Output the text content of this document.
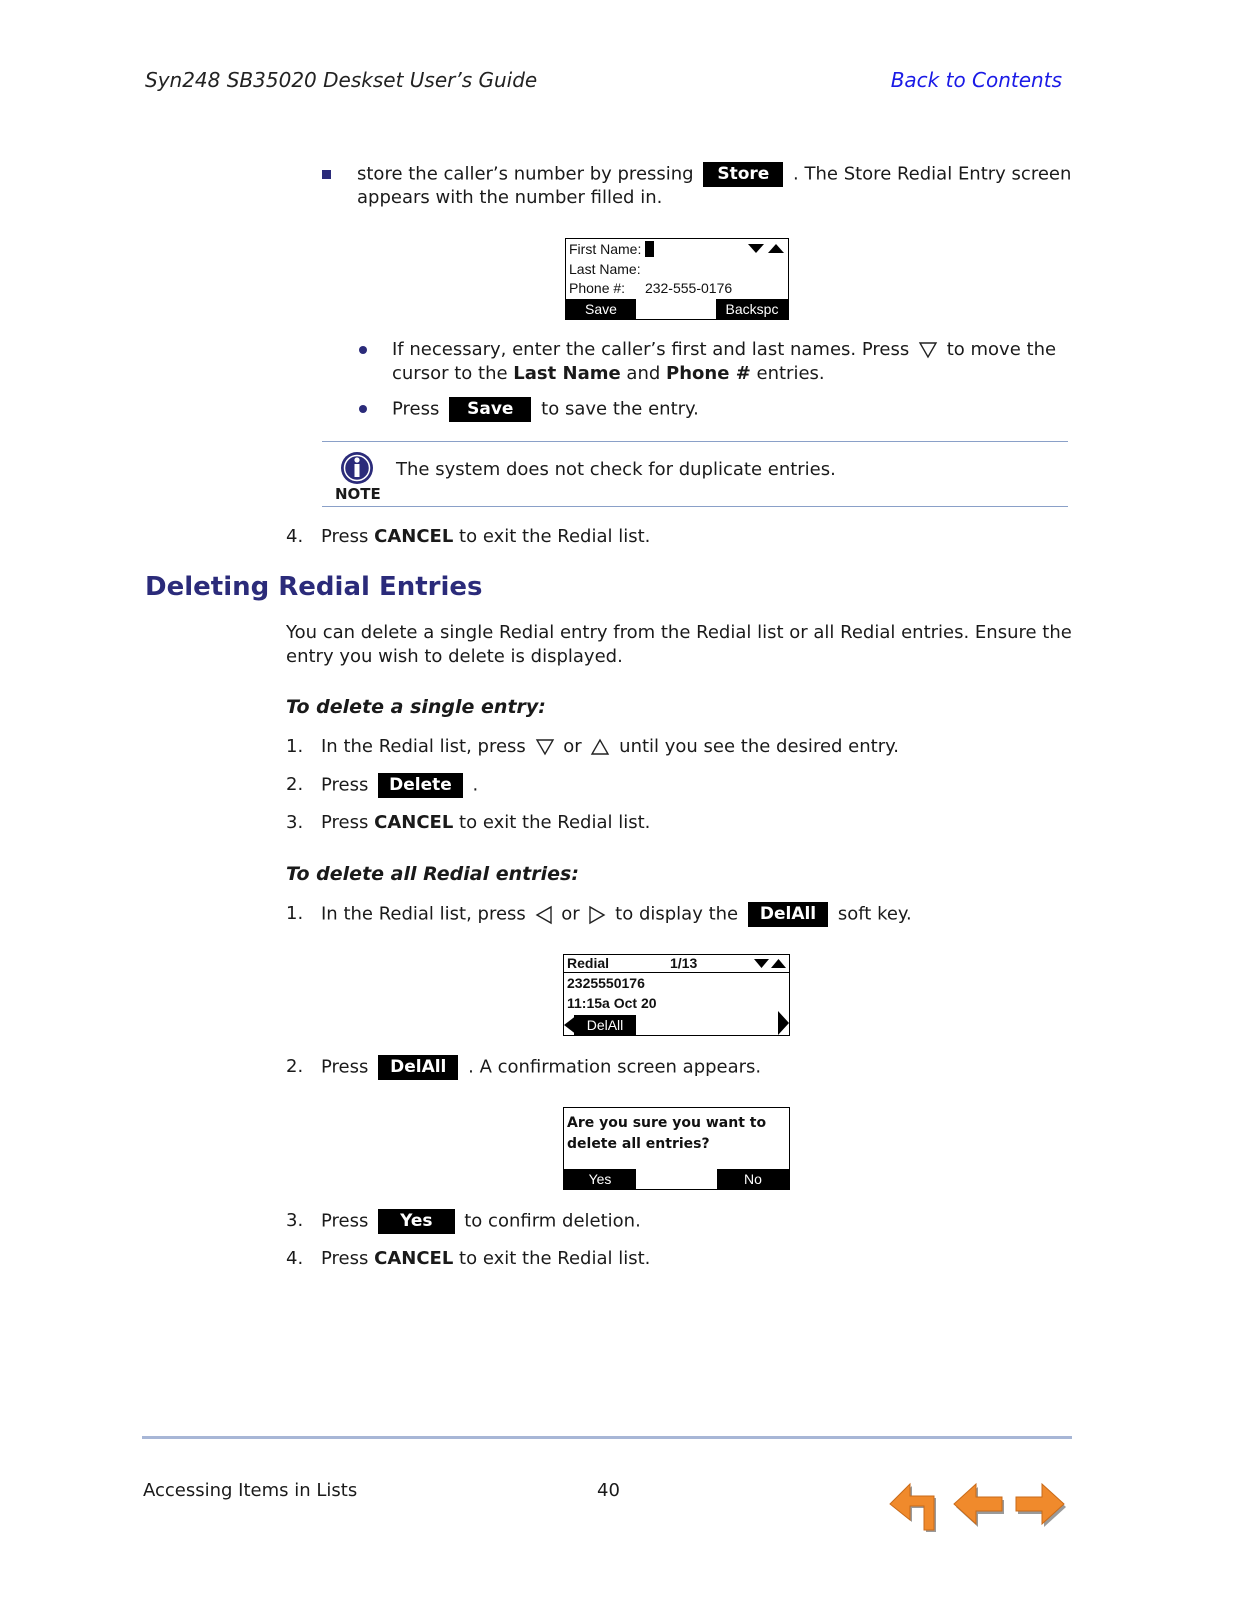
Syn248 SB35020 Deskset User’s Guide	Back to Contents
store the caller’s number by pressing Store . The Store Redial Entry screen
appears with the number filled in.
First Name:
Last Name:
Phone #: 232-555-0176
Save	Backspc
If necessary, enter the caller’s first and last names. Press to move the
cursor to the Last Name and Phone # entries.
Press Save to save the entry.
NOTE
The system does not check for duplicate entries.
4. Press CANCEL to exit the Redial list.
Deleting Redial Entries
You can delete a single Redial entry from the Redial list or all Redial entries. Ensure the
entry you wish to delete is displayed.
To delete a single entry:
1. In the Redial list, press or until you see the desired entry.
2. Press Delete .
3. Press CANCEL to exit the Redial list.
To delete all Redial entries:
1. In the Redial list, press or to display the DelAll soft key.
Redial	1/13
2325550176
11:15a Oct 20
DelAll
2. Press DelAll . A confirmation screen appears.
Are you sure you want to
delete all entries?
Yes	No
3. Press Yes to confirm deletion.
4. Press CANCEL to exit the Redial list.
Accessing Items in Lists	40
